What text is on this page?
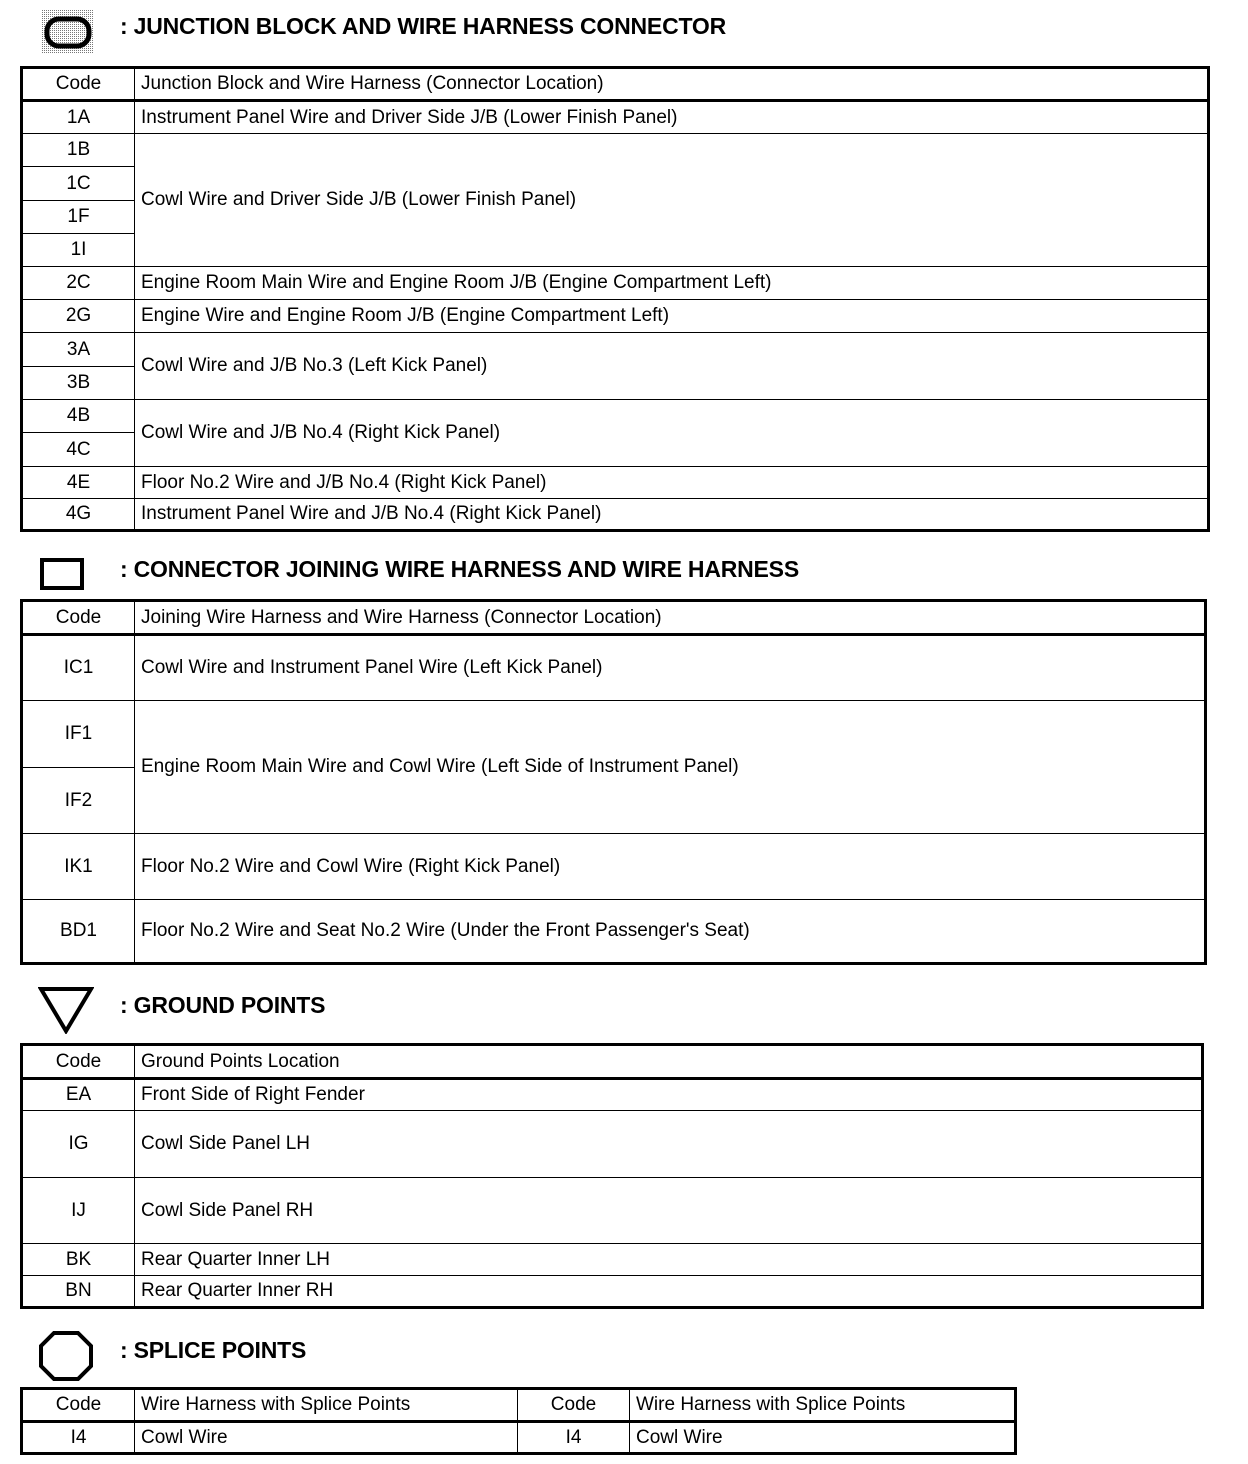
: JUNCTION BLOCK AND WIRE HARNESS CONNECTOR
: CONNECTOR JOINING WIRE HARNESS AND WIRE HARNESS
: GROUND POINTS
: SPLICE POINTS
Code	Junction Block and Wire Harness (Connector Location)
1A	Instrument Panel Wire and Driver Side J/B (Lower Finish Panel)
1B	Cowl Wire and Driver Side J/B (Lower Finish Panel)
1C	
1F	
1I	
2C	Engine Room Main Wire and Engine Room J/B (Engine Compartment Left)
2G	Engine Wire and Engine Room J/B (Engine Compartment Left)
3A	Cowl Wire and J/B No.3 (Left Kick Panel)
3B	
4B	Cowl Wire and J/B No.4 (Right Kick Panel)
4C	
4E	Floor No.2 Wire and J/B No.4 (Right Kick Panel)
4G	Instrument Panel Wire and J/B No.4 (Right Kick Panel)
Code	Joining Wire Harness and Wire Harness (Connector Location)
IC1	Cowl Wire and Instrument Panel Wire (Left Kick Panel)
IF1	Engine Room Main Wire and Cowl Wire (Left Side of Instrument Panel)
IF2	
IK1	Floor No.2 Wire and Cowl Wire (Right Kick Panel)
BD1	Floor No.2 Wire and Seat No.2 Wire (Under the Front Passenger's Seat)
Code	Ground Points Location
EA	Front Side of Right Fender
IG	Cowl Side Panel LH
IJ	Cowl Side Panel RH
BK	Rear Quarter Inner LH
BN	Rear Quarter Inner RH
Code	Wire Harness with Splice Points	Code	Wire Harness with Splice Points
I4	Cowl Wire	I4	Cowl Wire
